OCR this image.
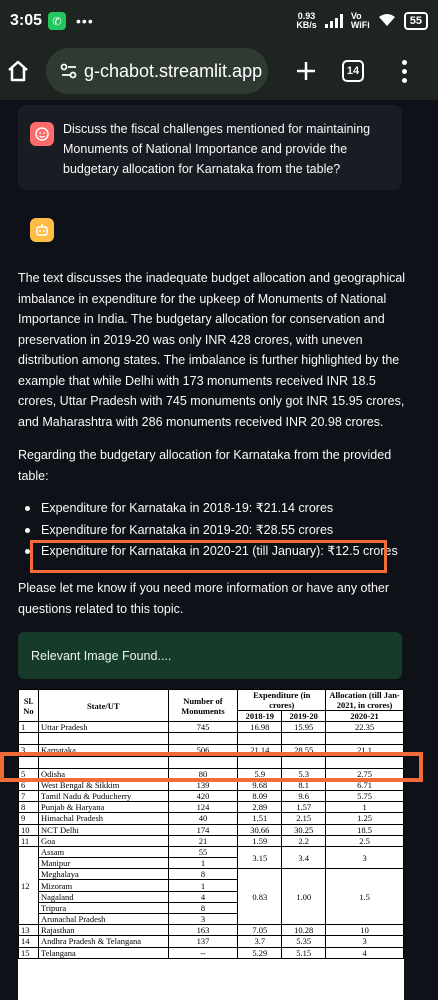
3:05 ✆	•••	0.93
KB/s
Vo
WiFi	55
g-chabot.streamlit.app	14
Discuss the fiscal challenges mentioned for maintaining Monuments of National Importance and provide the budgetary allocation for Karnataka from the table?

The text discusses the inadequate budget allocation and geographical imbalance in expenditure for the upkeep of Monuments of National Importance in India. The budgetary allocation for conservation and preservation in 2019-20 was only INR 428 crores, with uneven distribution among states. The imbalance is further highlighted by the example that while Delhi with 173 monuments received INR 18.5 crores, Uttar Pradesh with 745 monuments only got INR 15.95 crores, and Maharashtra with 286 monuments received INR 20.98 crores.

Regarding the budgetary allocation for Karnataka from the provided table:

Expenditure for Karnataka in 2018-19: ₹21.14 crores
Expenditure for Karnataka in 2019-20: ₹28.55 crores
Expenditure for Karnataka in 2020-21 (till January): ₹12.5 crores

Please let me know if you need more information or have any other questions related to this topic.

Relevant Image Found....
Sl. No	State/UT	Number of Monuments	Expenditure (in crores)		Allocation (till Jan- 2021, in crores)
			2018-19	2019-20	2020-21
1	Uttar Pradesh	745	16.98	15.95	22.35

3	Karnataka	506	21.14	28.55	21.1

5	Odisha	80	5.9	5.3	2.75
6	West Bengal & Sikkim	139	9.68	8.1	6.71
7	Tamil Nadu & Puducherry	420	8.09	9.6	5.75
8	Punjab & Haryana	124	2.89	1.57	1
9	Himachal Pradesh	40	1.51	2.15	1.25
10	NCT Delhi	174	30.66	30.25	18.5
11	Goa	21	1.59	2.2	2.5
12	Assam	55	3.15	3.4	3
	Manipur	1			
	Meghalaya	8	0.83	1.00	1.5
	Mizoram	1			
	Nagaland	4			
	Tripura	8			
	Arunachal Pradesh	3			
13	Rajasthan	163	7.05	10.28	10
14	Andhra Pradesh & Telangana	137	3.7	5.35	3
15	Telangana	--	5.29	5.15	4
